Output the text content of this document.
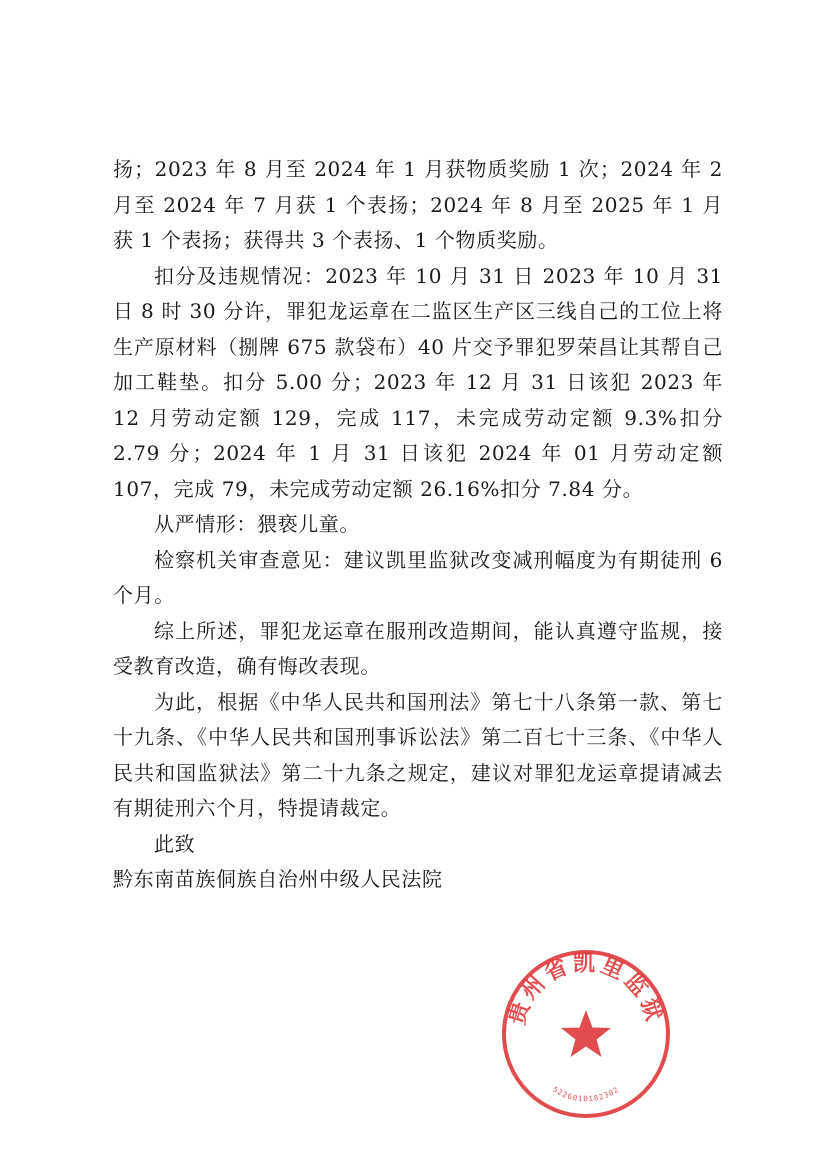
扬；2023 年 8 月至 2024 年 1 月获物质奖励 1 次；2024 年 2 月至 2024 年 7 月获 1 个表扬；2024 年 8 月至 2025 年 1 月获 1 个表扬；获得共 3 个表扬、1 个物质奖励。

扣分及违规情况：2023 年 10 月 31 日 2023 年 10 月 31 日 8 时 30 分许，罪犯龙运章在二监区生产区三线自己的工位上将生产原材料（捌牌 675 款袋布）40 片交予罪犯罗荣昌让其帮自己加工鞋垫。扣分 5.00 分；2023 年 12 月 31 日该犯 2023 年 12 月劳动定额 129，完成 117，未完成劳动定额 9.3%扣分 2.79 分；2024 年 1 月 31 日该犯 2024 年 01 月劳动定额 107，完成 79，未完成劳动定额 26.16%扣分 7.84 分。

从严情形：猥亵儿童。

检察机关审查意见：建议凯里监狱改变减刑幅度为有期徒刑 6 个月。

综上所述，罪犯龙运章在服刑改造期间，能认真遵守监规，接受教育改造，确有悔改表现。

为此，根据《中华人民共和国刑法》第七十八条第一款、第七十九条、《中华人民共和国刑事诉讼法》第二百七十三条、《中华人民共和国监狱法》第二十九条之规定，建议对罪犯龙运章提请减去有期徒刑六个月，特提请裁定。

此致

黔东南苗族侗族自治州中级人民法院

贵州省凯里监狱
5226010182302
